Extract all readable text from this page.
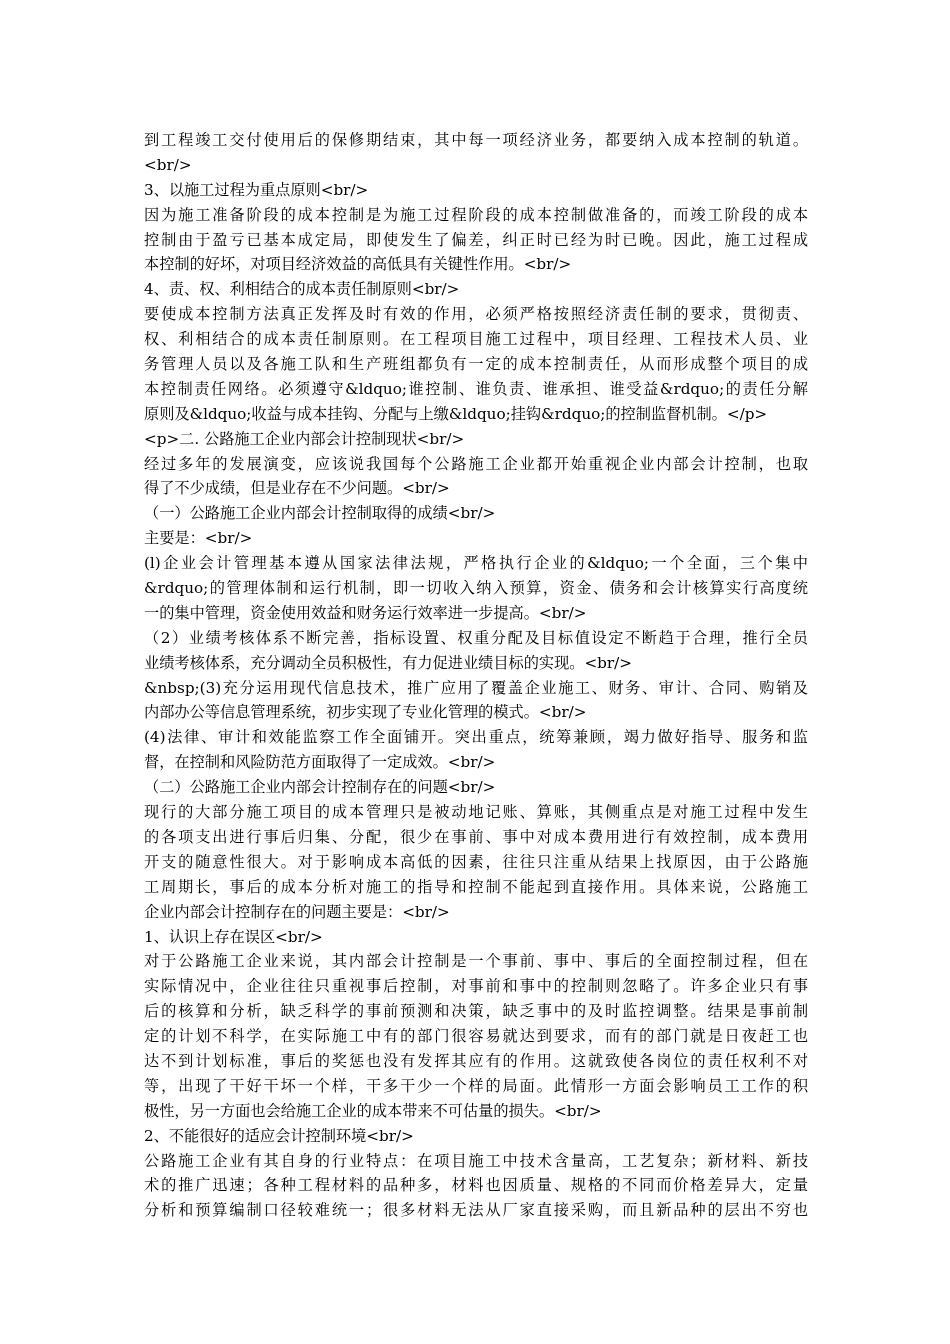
到工程竣工交付使用后的保修期结束，其中每一项经济业务，都要纳入成本控制的轨道。
<br/>
3、以施工过程为重点原则<br/>
因为施工准备阶段的成本控制是为施工过程阶段的成本控制做准备的，而竣工阶段的成本
控制由于盈亏已基本成定局，即使发生了偏差，纠正时已经为时已晚。因此，施工过程成
本控制的好坏，对项目经济效益的高低具有关键性作用。<br/>
4、责、权、利相结合的成本责任制原则<br/>
要使成本控制方法真正发挥及时有效的作用，必须严格按照经济责任制的要求，贯彻责、
权、利相结合的成本责任制原则。在工程项目施工过程中，项目经理、工程技术人员、业
务管理人员以及各施工队和生产班组都负有一定的成本控制责任，从而形成整个项目的成
本控制责任网络。必须遵守&ldquo;谁控制、谁负责、谁承担、谁受益&rdquo;的责任分解
原则及&ldquo;收益与成本挂钩、分配与上缴&ldquo;挂钩&rdquo;的控制监督机制。</p>
<p>二. 公路施工企业内部会计控制现状<br/>
经过多年的发展演变，应该说我国每个公路施工企业都开始重视企业内部会计控制，也取
得了不少成绩，但是业存在不少问题。<br/>
（一）公路施工企业内部会计控制取得的成绩<br/>
主要是：<br/>
(l)企业会计管理基本遵从国家法律法规，严格执行企业的&ldquo;一个全面，三个集中
&rdquo;的管理体制和运行机制，即一切收入纳入预算，资金、债务和会计核算实行高度统
一的集中管理，资金使用效益和财务运行效率进一步提高。<br/>
（2）业绩考核体系不断完善，指标设置、权重分配及目标值设定不断趋于合理，推行全员
业绩考核体系，充分调动全员积极性，有力促进业绩目标的实现。<br/>
&nbsp;(3)充分运用现代信息技术，推广应用了覆盖企业施工、财务、审计、合同、购销及
内部办公等信息管理系统，初步实现了专业化管理的模式。<br/>
(4)法律、审计和效能监察工作全面铺开。突出重点，统筹兼顾，竭力做好指导、服务和监
督，在控制和风险防范方面取得了一定成效。<br/>
（二）公路施工企业内部会计控制存在的问题<br/>
现行的大部分施工项目的成本管理只是被动地记账、算账，其侧重点是对施工过程中发生
的各项支出进行事后归集、分配，很少在事前、事中对成本费用进行有效控制，成本费用
开支的随意性很大。对于影响成本高低的因素，往往只注重从结果上找原因，由于公路施
工周期长，事后的成本分析对施工的指导和控制不能起到直接作用。具体来说，公路施工
企业内部会计控制存在的问题主要是：<br/>
1、认识上存在误区<br/>
对于公路施工企业来说，其内部会计控制是一个事前、事中、事后的全面控制过程，但在
实际情况中，企业往往只重视事后控制，对事前和事中的控制则忽略了。许多企业只有事
后的核算和分析，缺乏科学的事前预测和决策，缺乏事中的及时监控调整。结果是事前制
定的计划不科学，在实际施工中有的部门很容易就达到要求，而有的部门就是日夜赶工也
达不到计划标准，事后的奖惩也没有发挥其应有的作用。这就致使各岗位的责任权利不对
等，出现了干好干坏一个样，干多干少一个样的局面。此情形一方面会影响员工工作的积
极性，另一方面也会给施工企业的成本带来不可估量的损失。<br/>
2、不能很好的适应会计控制环境<br/>
公路施工企业有其自身的行业特点：在项目施工中技术含量高，工艺复杂；新材料、新技
术的推广迅速；各种工程材料的品种多，材料也因质量、规格的不同而价格差异大，定量
分析和预算编制口径较难统一；很多材料无法从厂家直接采购，而且新品种的层出不穷也
